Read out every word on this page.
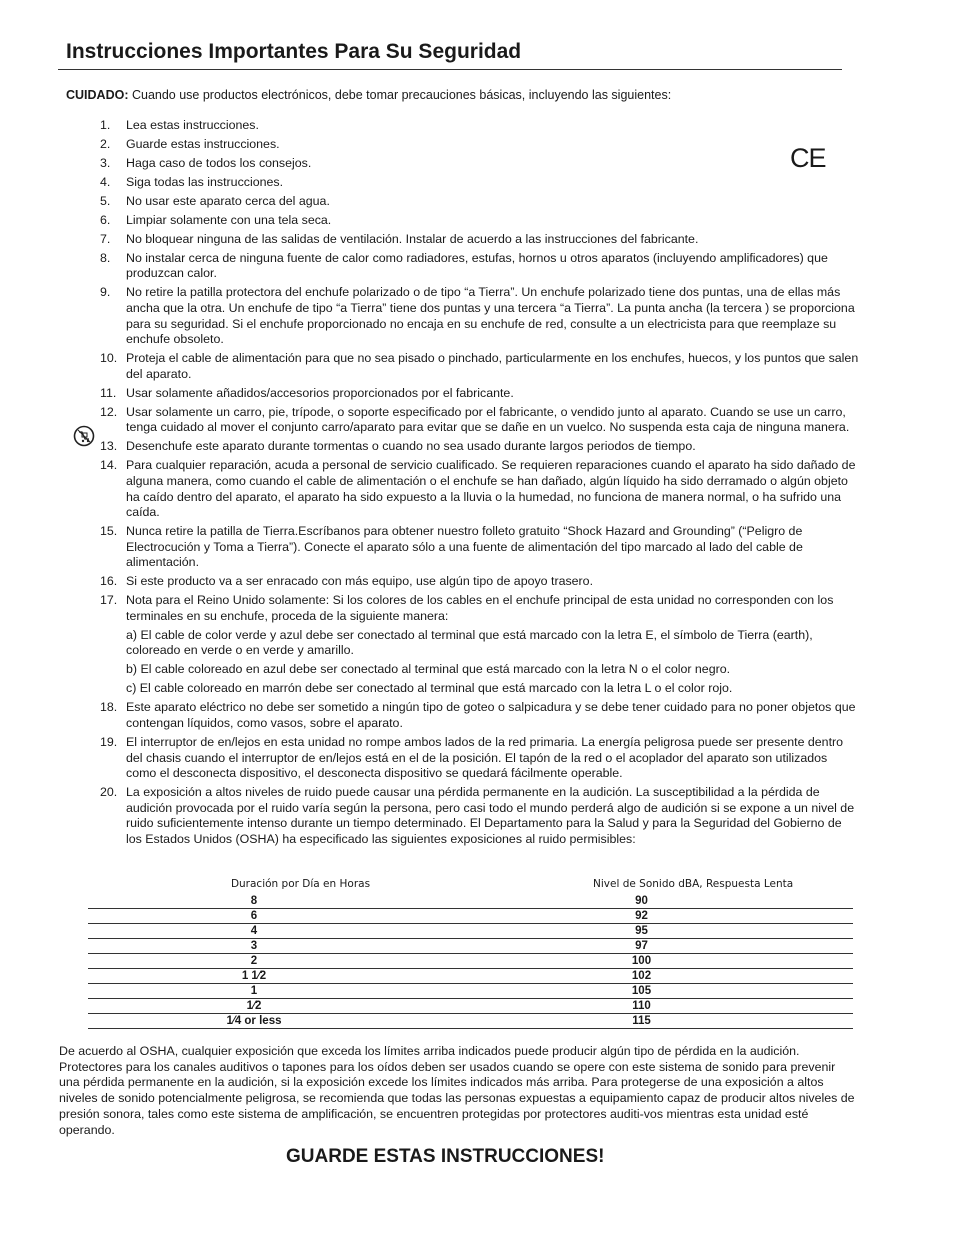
Instrucciones Importantes Para Su Seguridad
CUIDADO: Cuando use productos electrónicos, debe tomar precauciones básicas, incluyendo las siguientes:
CE
1.	Lea estas instrucciones.
2.	Guarde estas instrucciones.
3.	Haga caso de todos los consejos.
4.	Siga todas las instrucciones.
5.	No usar este aparato cerca del agua.
6.	Limpiar solamente con una tela seca.
7.	No bloquear ninguna de las salidas de ventilación. Instalar de acuerdo a las instrucciones del fabricante.
8.	No instalar cerca de ninguna fuente de calor como radiadores, estufas, hornos u otros aparatos (incluyendo amplificadores) que produzcan calor.
9.	No retire la patilla protectora del enchufe polarizado o de tipo “a Tierra”. Un enchufe polarizado tiene dos puntas, una de ellas más ancha que la otra. Un enchufe de tipo “a Tierra” tiene dos puntas y una tercera “a Tierra”. La punta ancha (la tercera ) se proporciona para su seguridad. Si el enchufe proporcionado no encaja en su enchufe de red, consulte a un electricista para que reemplaze su enchufe obsoleto.
10. Proteja el cable de alimentación para que no sea pisado o pinchado, particularmente en los enchufes, huecos, y los puntos que salen del aparato.
11. Usar solamente añadidos/accesorios proporcionados por el fabricante.
12. Usar solamente un carro, pie, trípode, o soporte especificado por el fabricante, o vendido junto al aparato. Cuando se use un carro, tenga cuidado al mover el conjunto carro/aparato para evitar que se dañe en un vuelco. No suspenda esta caja de ninguna manera.
13. Desenchufe este aparato durante tormentas o cuando no sea usado durante largos periodos de tiempo.
14. Para cualquier reparación, acuda a personal de servicio cualificado. Se requieren reparaciones cuando el aparato ha sido dañado de alguna manera, como cuando el cable de alimentación o el enchufe se han dañado, algún líquido ha sido derramado o algún objeto ha caído dentro del aparato, el aparato ha sido expuesto a la lluvia o la humedad, no funciona de manera normal, o ha sufrido una caída.
15. Nunca retire la patilla de Tierra.Escríbanos para obtener nuestro folleto gratuito “Shock Hazard and Grounding” (“Peligro de Electrocución y Toma a Tierra”). Conecte el aparato sólo a una fuente de alimentación del tipo marcado al lado del cable de alimentación.
16. Si este producto va a ser enracado con más equipo, use algún tipo de apoyo trasero.
17. Nota para el Reino Unido solamente: Si los colores de los cables en el enchufe principal de esta unidad no corresponden con los terminales en su enchufe, proceda de la siguiente manera:
a) El cable de color verde y azul debe ser conectado al terminal que está marcado con la letra E, el símbolo de Tierra (earth), coloreado en verde o en verde y amarillo.
b) El cable coloreado en azul debe ser conectado al terminal que está marcado con la letra N o el color negro.
c) El cable coloreado en marrón debe ser conectado al terminal que está marcado con la letra L o el color rojo.
18. Este aparato eléctrico no debe ser sometido a ningún tipo de goteo o salpicadura y se debe tener cuidado para no poner objetos que contengan líquidos, como vasos, sobre el aparato.
19. El interruptor de en/lejos en esta unidad no rompe ambos lados de la red primaria. La energía peligrosa puede ser presente dentro del chasis cuando el interruptor de en/lejos está en el de la posición. El tapón de la red o el acoplador del aparato son utilizados como el desconecta dispositivo, el desconecta dispositivo se quedará fácilmente operable.
20. La exposición a altos niveles de ruido puede causar una pérdida permanente en la audición. La susceptibilidad a la pérdida de audición provocada por el ruido varía según la persona, pero casi todo el mundo perderá algo de audición si se expone a un nivel de ruido suficientemente intenso durante un tiempo determinado. El Departamento para la Salud y para la Seguridad del Gobierno de los Estados Unidos (OSHA) ha especificado las siguientes exposiciones al ruido permisibles:
Duración por Día en Horas	Nivel de Sonido dBA, Respuesta Lenta
8	90
6	92
4	95
3	97
2	100
1 1⁄2	102
1	105
1⁄2	110
1⁄4 or less	115
De acuerdo al OSHA, cualquier exposición que exceda los límites arriba indicados puede producir algún tipo de pérdida en la audición. Protectores para los canales auditivos o tapones para los oídos deben ser usados cuando se opere con este sistema de sonido para prevenir una pérdida permanente en la audición, si la exposición excede los límites indicados más arriba. Para protegerse de una exposición a altos niveles de sonido potencialmente peligrosa, se recomienda que todas las personas expuestas a equipamiento capaz de producir altos niveles de presión sonora, tales como este sistema de amplificación, se encuentren protegidas por protectores auditi-vos mientras esta unidad esté operando.
GUARDE ESTAS INSTRUCCIONES!
